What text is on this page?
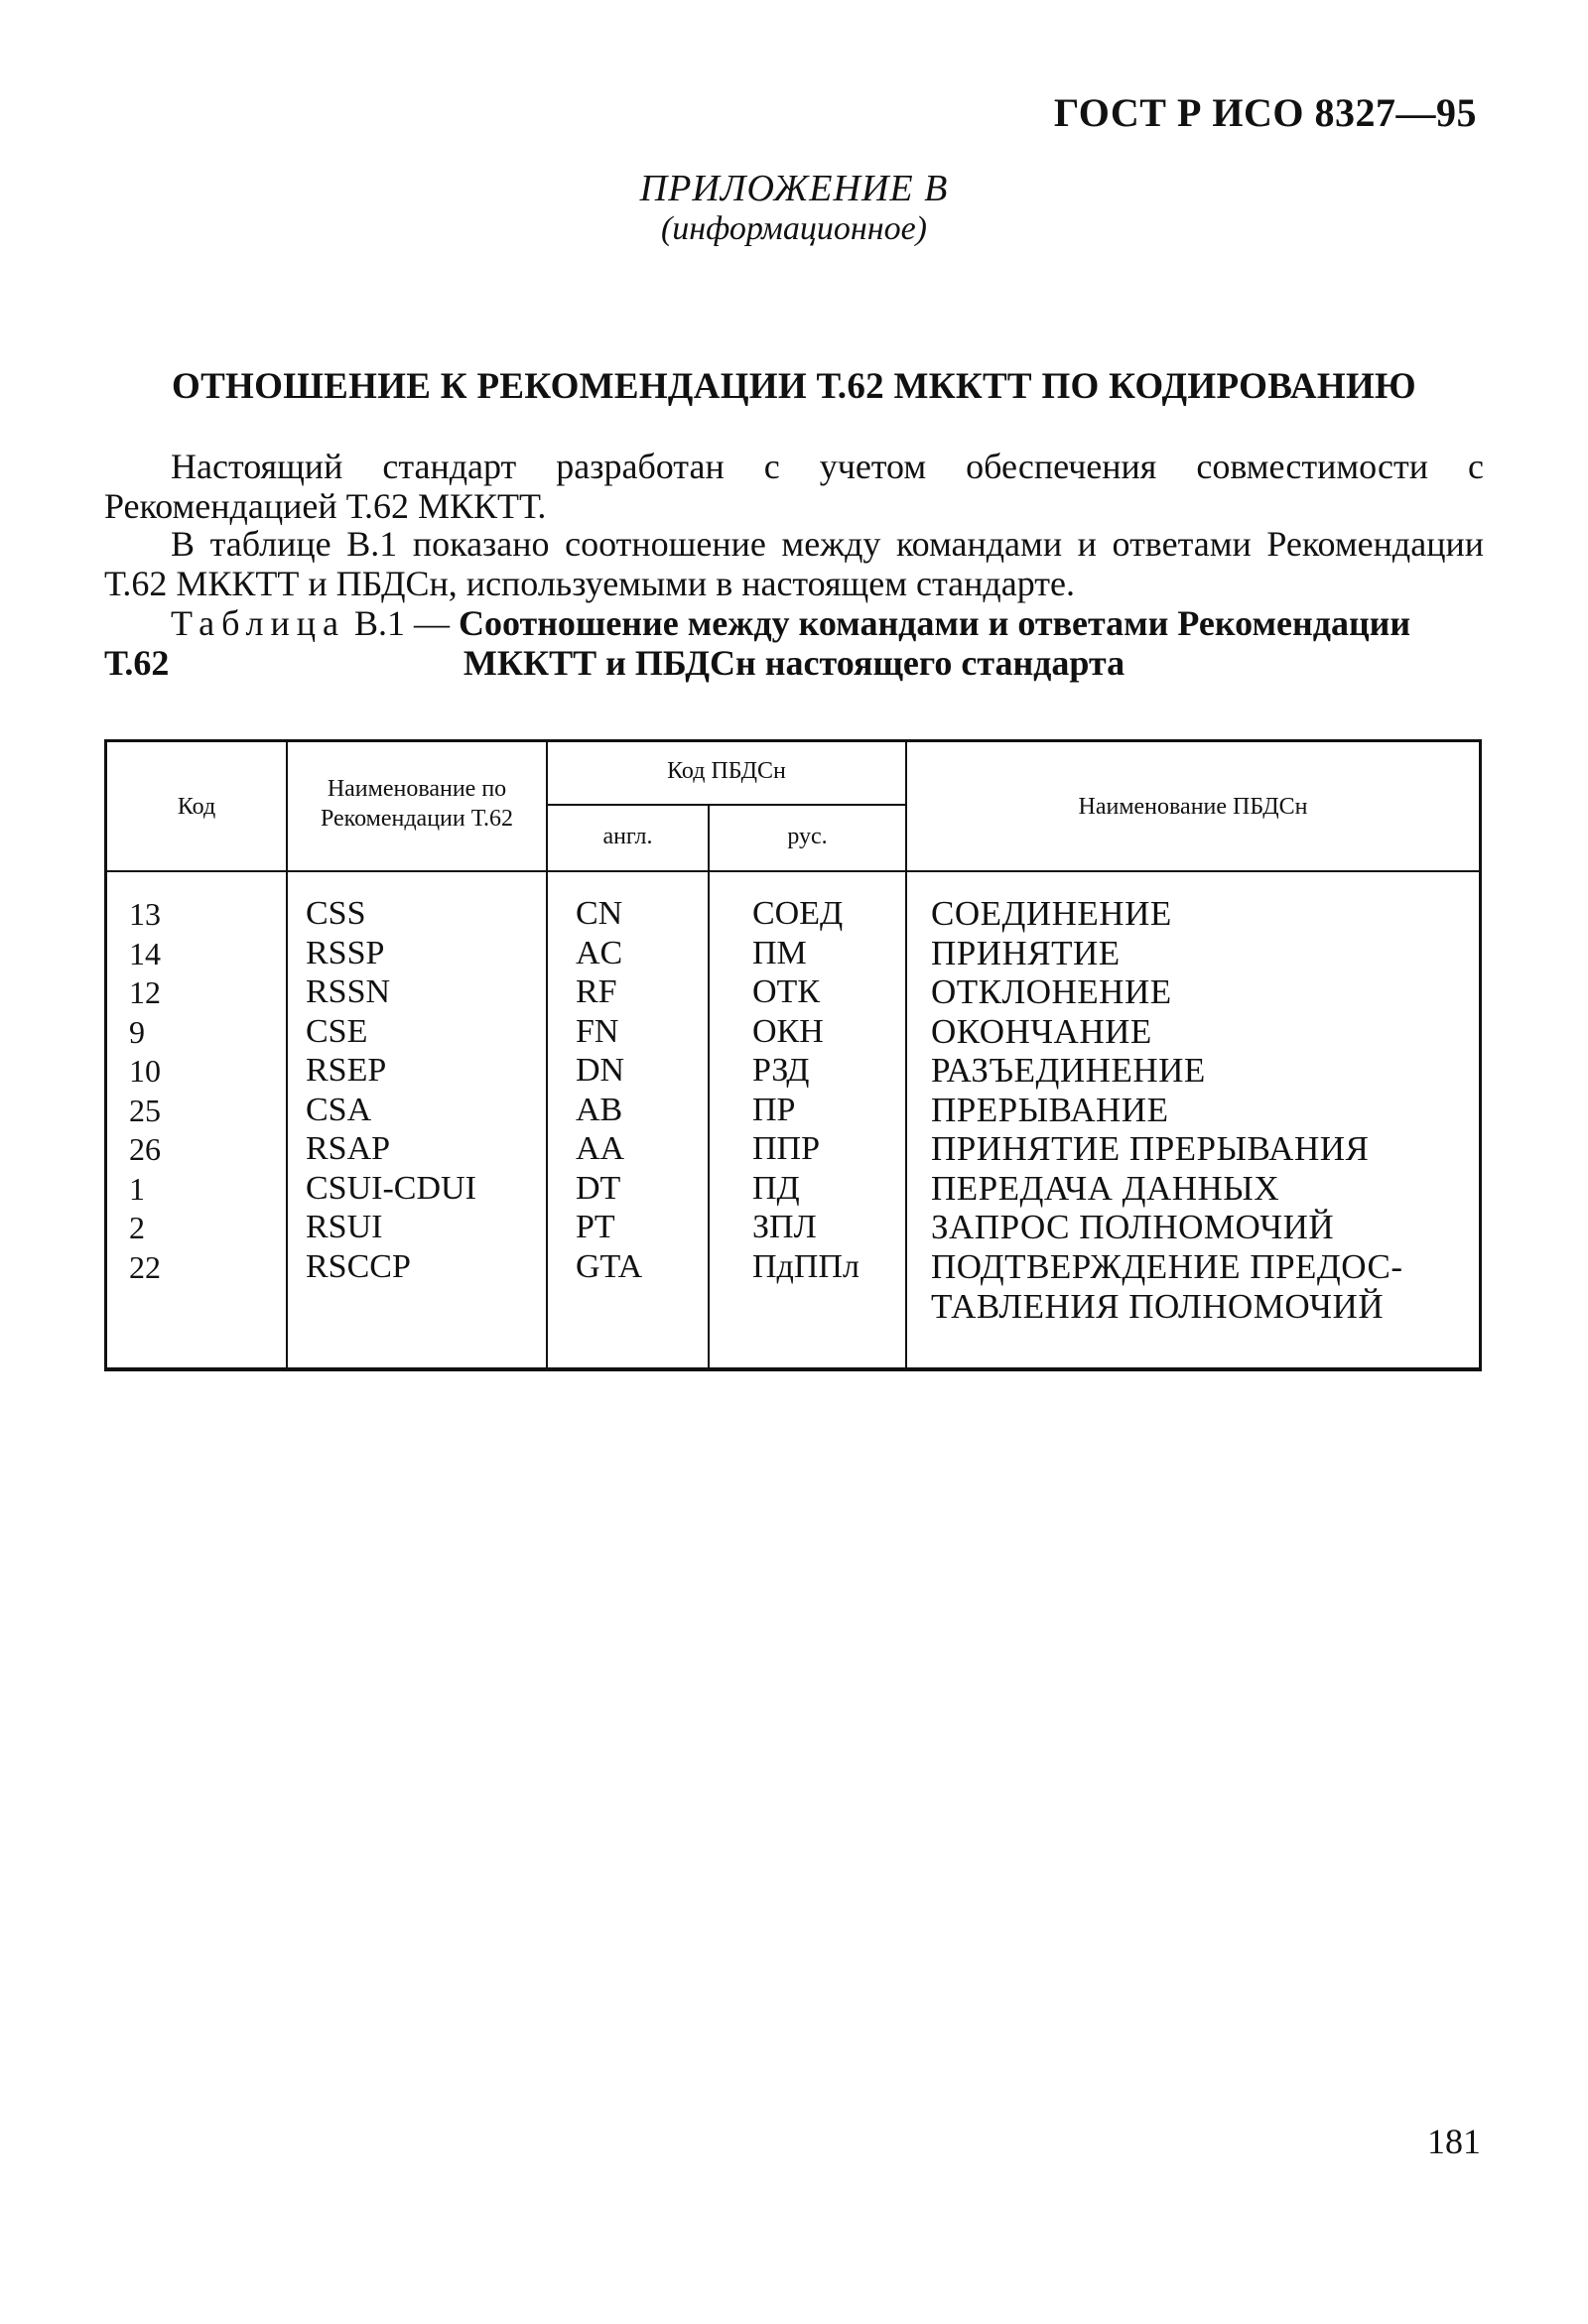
ГОСТ Р ИСО 8327—95
ПРИЛОЖЕНИЕ В
(информационное)
ОТНОШЕНИЕ К РЕКОМЕНДАЦИИ Т.62 МККТТ ПО КОДИРОВАНИЮ
Настоящий стандарт разработан с учетом обеспечения совместимости с Рекомендацией Т.62 МККТТ.
В таблице В.1 показано соотношение между командами и ответами Рекомендации Т.62 МККТТ и ПБДСн, используемыми в настоящем стандарте.
Таблица В.1 — Соотношение между командами и ответами Рекомендации Т.62	МККТТ и ПБДСн настоящего стандарта
Код
Наименование по Рекомендации Т.62
Код ПБДСн
англ.	рус.
Наименование ПБДСн
13	CSS	CN	СОЕД	СОЕДИНЕНИЕ
14	RSSP	AC	ПМ	ПРИНЯТИЕ
12	RSSN	RF	ОТК	ОТКЛОНЕНИЕ
9	CSE	FN	ОКН	ОКОНЧАНИЕ
10	RSEP	DN	РЗД	РАЗЪЕДИНЕНИЕ
25	CSA	AB	ПР	ПРЕРЫВАНИЕ
26	RSAP	AA	ППР	ПРИНЯТИЕ ПРЕРЫВАНИЯ
1	CSUI-CDUI	DT	ПД	ПЕРЕДАЧА ДАННЫХ
2	RSUI	PT	ЗПЛ	ЗАПРОС ПОЛНОМОЧИЙ
22	RSCCP	GTA	ПдППл ПОДТВЕРЖДЕНИЕ ПРЕДОС-ТАВЛЕНИЯ ПОЛНОМОЧИЙ
181
